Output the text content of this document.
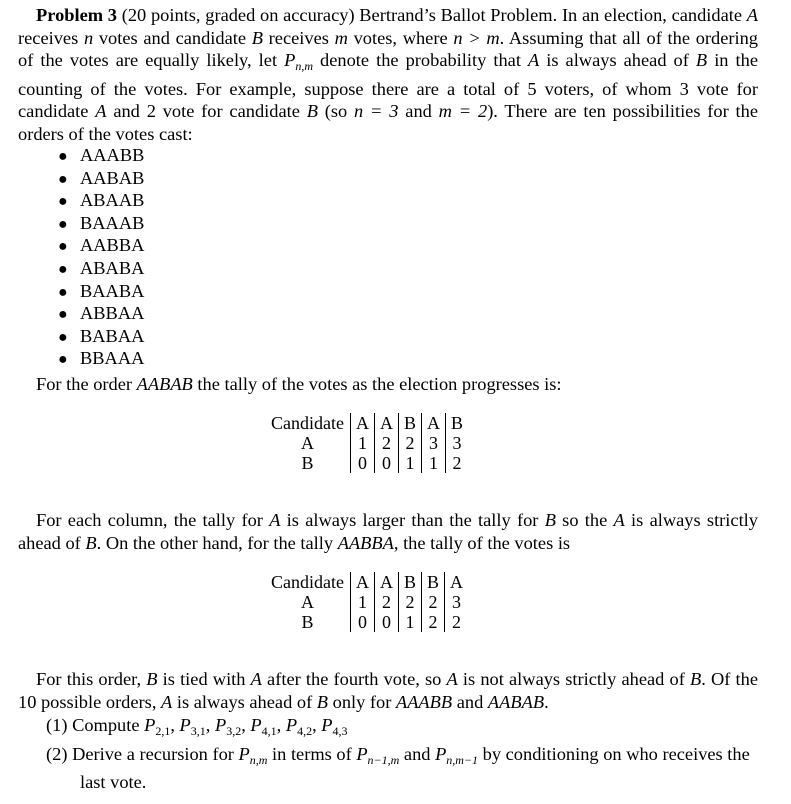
Problem 3 (20 points, graded on accuracy) Bertrand’s Ballot Problem. In an election, candidate A receives n votes and candidate B receives m votes, where n > m. Assuming that all of the ordering of the votes are equally likely, let $P_{n,m}$ denote the probability that A is always ahead of B in the counting of the votes. For example, suppose there are a total of 5 voters, of whom 3 vote for candidate A and 2 vote for candidate B (so n = 3 and m = 2). There are ten possibilities for the orders of the votes cast:

● AAABB
● AABAB
● ABAAB
● BAAAB
● AABBA
● ABABA
● BAABA
● ABBAA
● BABAA
● BBAAA

For the order AABAB the tally of the votes as the election progresses is:

Candidate	A	A	B	A	B
A	1	2	2	3	3
B	0	0	1	1	2

For each column, the tally for A is always larger than the tally for B so the A is always strictly ahead of B. On the other hand, for the tally AABBA, the tally of the votes is

Candidate	A	A	B	B	A
A	1	2	2	2	3
B	0	0	1	2	2

For this order, B is tied with A after the fourth vote, so A is not always strictly ahead of B. Of the 10 possible orders, A is always ahead of B only for AAABB and AABAB.

(1) Compute $P_{2,1}$, $P_{3,1}$, $P_{3,2}$, $P_{4,1}$, $P_{4,2}$, $P_{4,3}$
(2) Derive a recursion for $P_{n,m}$ in terms of $P_{n-1,m}$ and $P_{n,m-1}$ by conditioning on who receives the last vote.
